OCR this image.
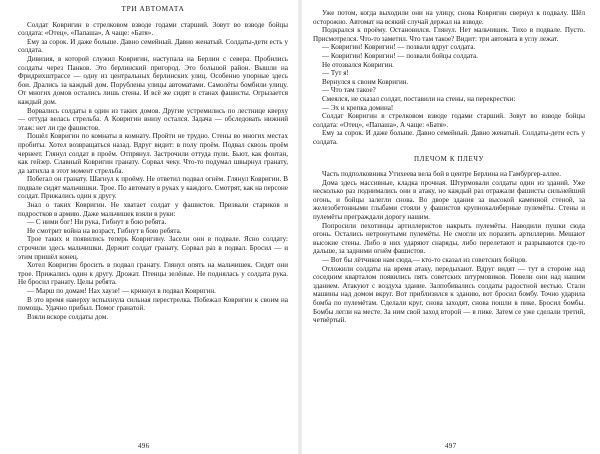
ТРИ АВТОМАТА

Солдат Ковригин в стрелковом взводе годами старший. Зовут во взводе бойцы солдата: «Отец», «Папаша», А чаще: «Батя».

Ему за сорок. И даже больше. Давно семейный. Давно женатый. Солдаты-дети есть у солдата.

Дивизия, в которой служил Ковригин, наступала на Берлин с севера. Пробились солдаты через Панков. Это берлинский пригород. Это большой район. Вышли на Фридрихштрассе — одну из центральных берлинских улиц. Особенно упорные здесь бои. Дрались за каждый дом. Порублены улицы автоматами. Самолёты бомбили улицу. От многих домов остались лишь стены. И всё же сидят в станах фашисты. Огрызается каждый дом.

Ворвались солдаты в один из таких домов. Другие устремились по лестнице кверху — оттуда велась стрельба. А Ковригин внизу остался. Задача — обследовать нижний этаж: нет ли где фашистов.

Пошёл Ковригин по комнаты в комнату. Пройти не трудно. Стены во многих местах пробиты. Хотел возвращаться назад. Вдруг видит: в полу проём. Подвал сквозь проём чернеет. Глянул солдат в проём. Отпрянул. Застрочили оттуда пули. Бьют, как фонтан, как гейзер. Славный Ковригин гранату. Сорвал чеку. Что-то подумал швырнул гранату, да затихла в этот момент стрельба.

Побегал он гранату. Шагнул к проёму. Не ответил подвал огнём. Глянул Ковригин. В подвале сидят мальчишки. Трое. По автомату в руках у каждого. Смотрят, как на персоне солдат. Прижались один к другу.

Знал о таких Ковригин. Не хватает солдат у фашистов. Призвали стариков и подростков в армию. Даже мальчишек взяли в руки:

— С ними бог! Ни рука, Гибнут в бою ребята.

Не смотрит война на возраст, Гибнут в бою ребята.

Трое таких и появились теперь Ковригину. Засели они в подвале. Ясно солдату: строчили здесь мальчишки. Держит солдат гранату. Сорвал раз в подвал. Бросил — и этим пришёл конец.

Хотел Ковригин бросить в подвал гранату. Глянул опять на мальчишек. Сидят они трое. Прижались один к другу. Дрожат. Птенцы зелёные. Не поднялась у солдата рука. Не бросил гранату. Целы ребята.

— Марш по домам! Нах хаузе! — крикнул в подвал Ковригин.

В это время наверху вспыхнула сильная перестрелка. Побежал Ковригин к своим на помощь. Удачно прибыл. Помог гранатой.

Взяли вскоре солдаты дом.

496

Уже потом, когда выходили они на улицу, снова Ковригин свернул к подвалу. Шёл осторожно. Автомат на всякий случай держал на взводе.

Подкрался к проёму. Остановился. Глянул. Нет мальчишек. Тихо в подвале. Пусто. Присмотрелся. Что-то заметил. Что там такое? Видит: три автомата в углу лежат.

— Ковригин! Ковригин! — позвали вдруг солдата.

— Ковригин! Ковригин! — позвали бойцы солдата.

Не отозвался Ковригин.

— Тут я!

Вернулся к своим Ковригин.

— Что там такое?

Смеялся, не сказал солдат, поставили на стены, на перекрестки:

— Эх и крепка домина!

Солдат Ковригин в стрелковом взводе годами старший. Зовут во взводе бойцы солдата: «Отец», «Папаша», А чаще: «Батя».

Ему за сорок. И даже больше. Давно семейный. Давно женатый. Солдаты-дети есть у солдата.

ПЛЕЧОМ К ПЛЕЧУ

Часть подполковника Утихеева вела бой в центре Берлина на Гамбургер-аллее.

Дома здесь массивные, кладка прочная. Штурмовали солдаты один из зданий. Уже несколько раз поднимались они в атаку, но каждый раз отражали фашисты сильнейший огонь, и бойцы залегли снова. Во дворе здания за высокой каменной стеной, за железобетонными глыбами стояли у фашистов крупнокалиберные пулемёты. Стены и пулемёты преграждали дорогу нашим.

Попросили пехотинцы артиллеристов накрыть пулемёты. Наводили пушки сюда огонь. Остались нетронутыми пулемёты. Не смогли их поразить артиллерии. Мешают высокие стены. Либо в них ударяют снаряды, либо перелетают и разрываются где-то дальше, за задними огнём фашистов.

— Вот бы лётчиков нам сюда,— кто-то сказал из советских бойцов.

Отложили солдаты на время атаку, передыхают. Вдруг видят — тут в стороне над соседним кварталом появились пять советских штурмовиков. Повели они над нашим зданием. Атакуют с воздуха здание. Залпобивались солдаты радостной вестью. Стали машины над домом вкруг. Вот приблизился к зданию, вот бросил бомбу. Точно ударила бомба по пулемётам. Сделали круг, снова заходят, снова пошли в пике. Бросил бомбы. Бомбы легли на месте. За ним свой заход второй — в пике. Затем се уже сделали третий, четвёртый.

497
